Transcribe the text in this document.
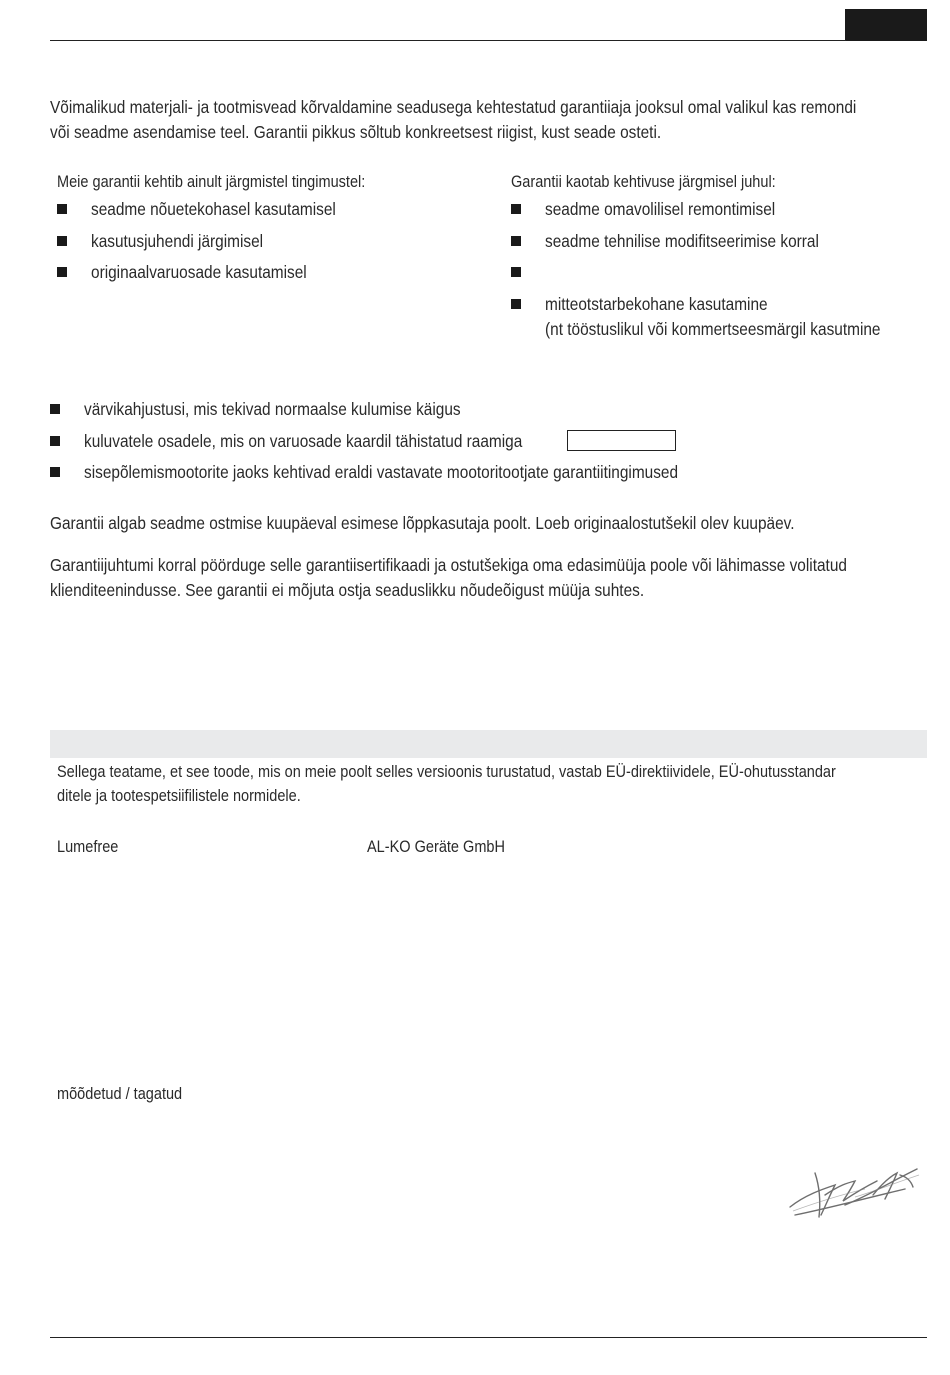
Võimalikud materjali- ja tootmisvead kõrvaldamine seadusega kehtestatud garantiiaja jooksul omal valikul kas remondi
või seadme asendamise teel. Garantii pikkus sõltub konkreetsest riigist, kust seade osteti.
Meie garantii kehtib ainult järgmistel tingimustel:
seadme nõuetekohasel kasutamisel
kasutusjuhendi järgimisel
originaalvaruosade kasutamisel
Garantii kaotab kehtivuse järgmisel juhul:
seadme omavolilisel remontimisel
seadme tehnilise modifitseerimise korral
mitteotstarbekohane kasutamine
(nt tööstuslikul või kommertseesmärgil kasutmine
värvikahjustusi, mis tekivad normaalse kulumise käigus
kuluvatele osadele, mis on varuosade kaardil tähistatud raamiga
sisepõlemismootorite jaoks kehtivad eraldi vastavate mootoritootjate garantiitingimused
Garantii algab seadme ostmise kuupäeval esimese lõppkasutaja poolt. Loeb originaalostutšekil olev kuupäev.
Garantiijuhtumi korral pöörduge selle garantiisertifikaadi ja ostutšekiga oma edasimüüja poole või lähimasse volitatud
klienditeenindusse. See garantii ei mõjuta ostja seaduslikku nõudeõigust müüja suhtes.
Sellega teatame, et see toode, mis on meie poolt selles versioonis turustatud, vastab EÜ-direktiividele, EÜ-ohutusstandar
ditele ja tootespetsiifilistele normidele.
Lumefree	AL-KO Geräte GmbH
mõõdetud / tagatud
